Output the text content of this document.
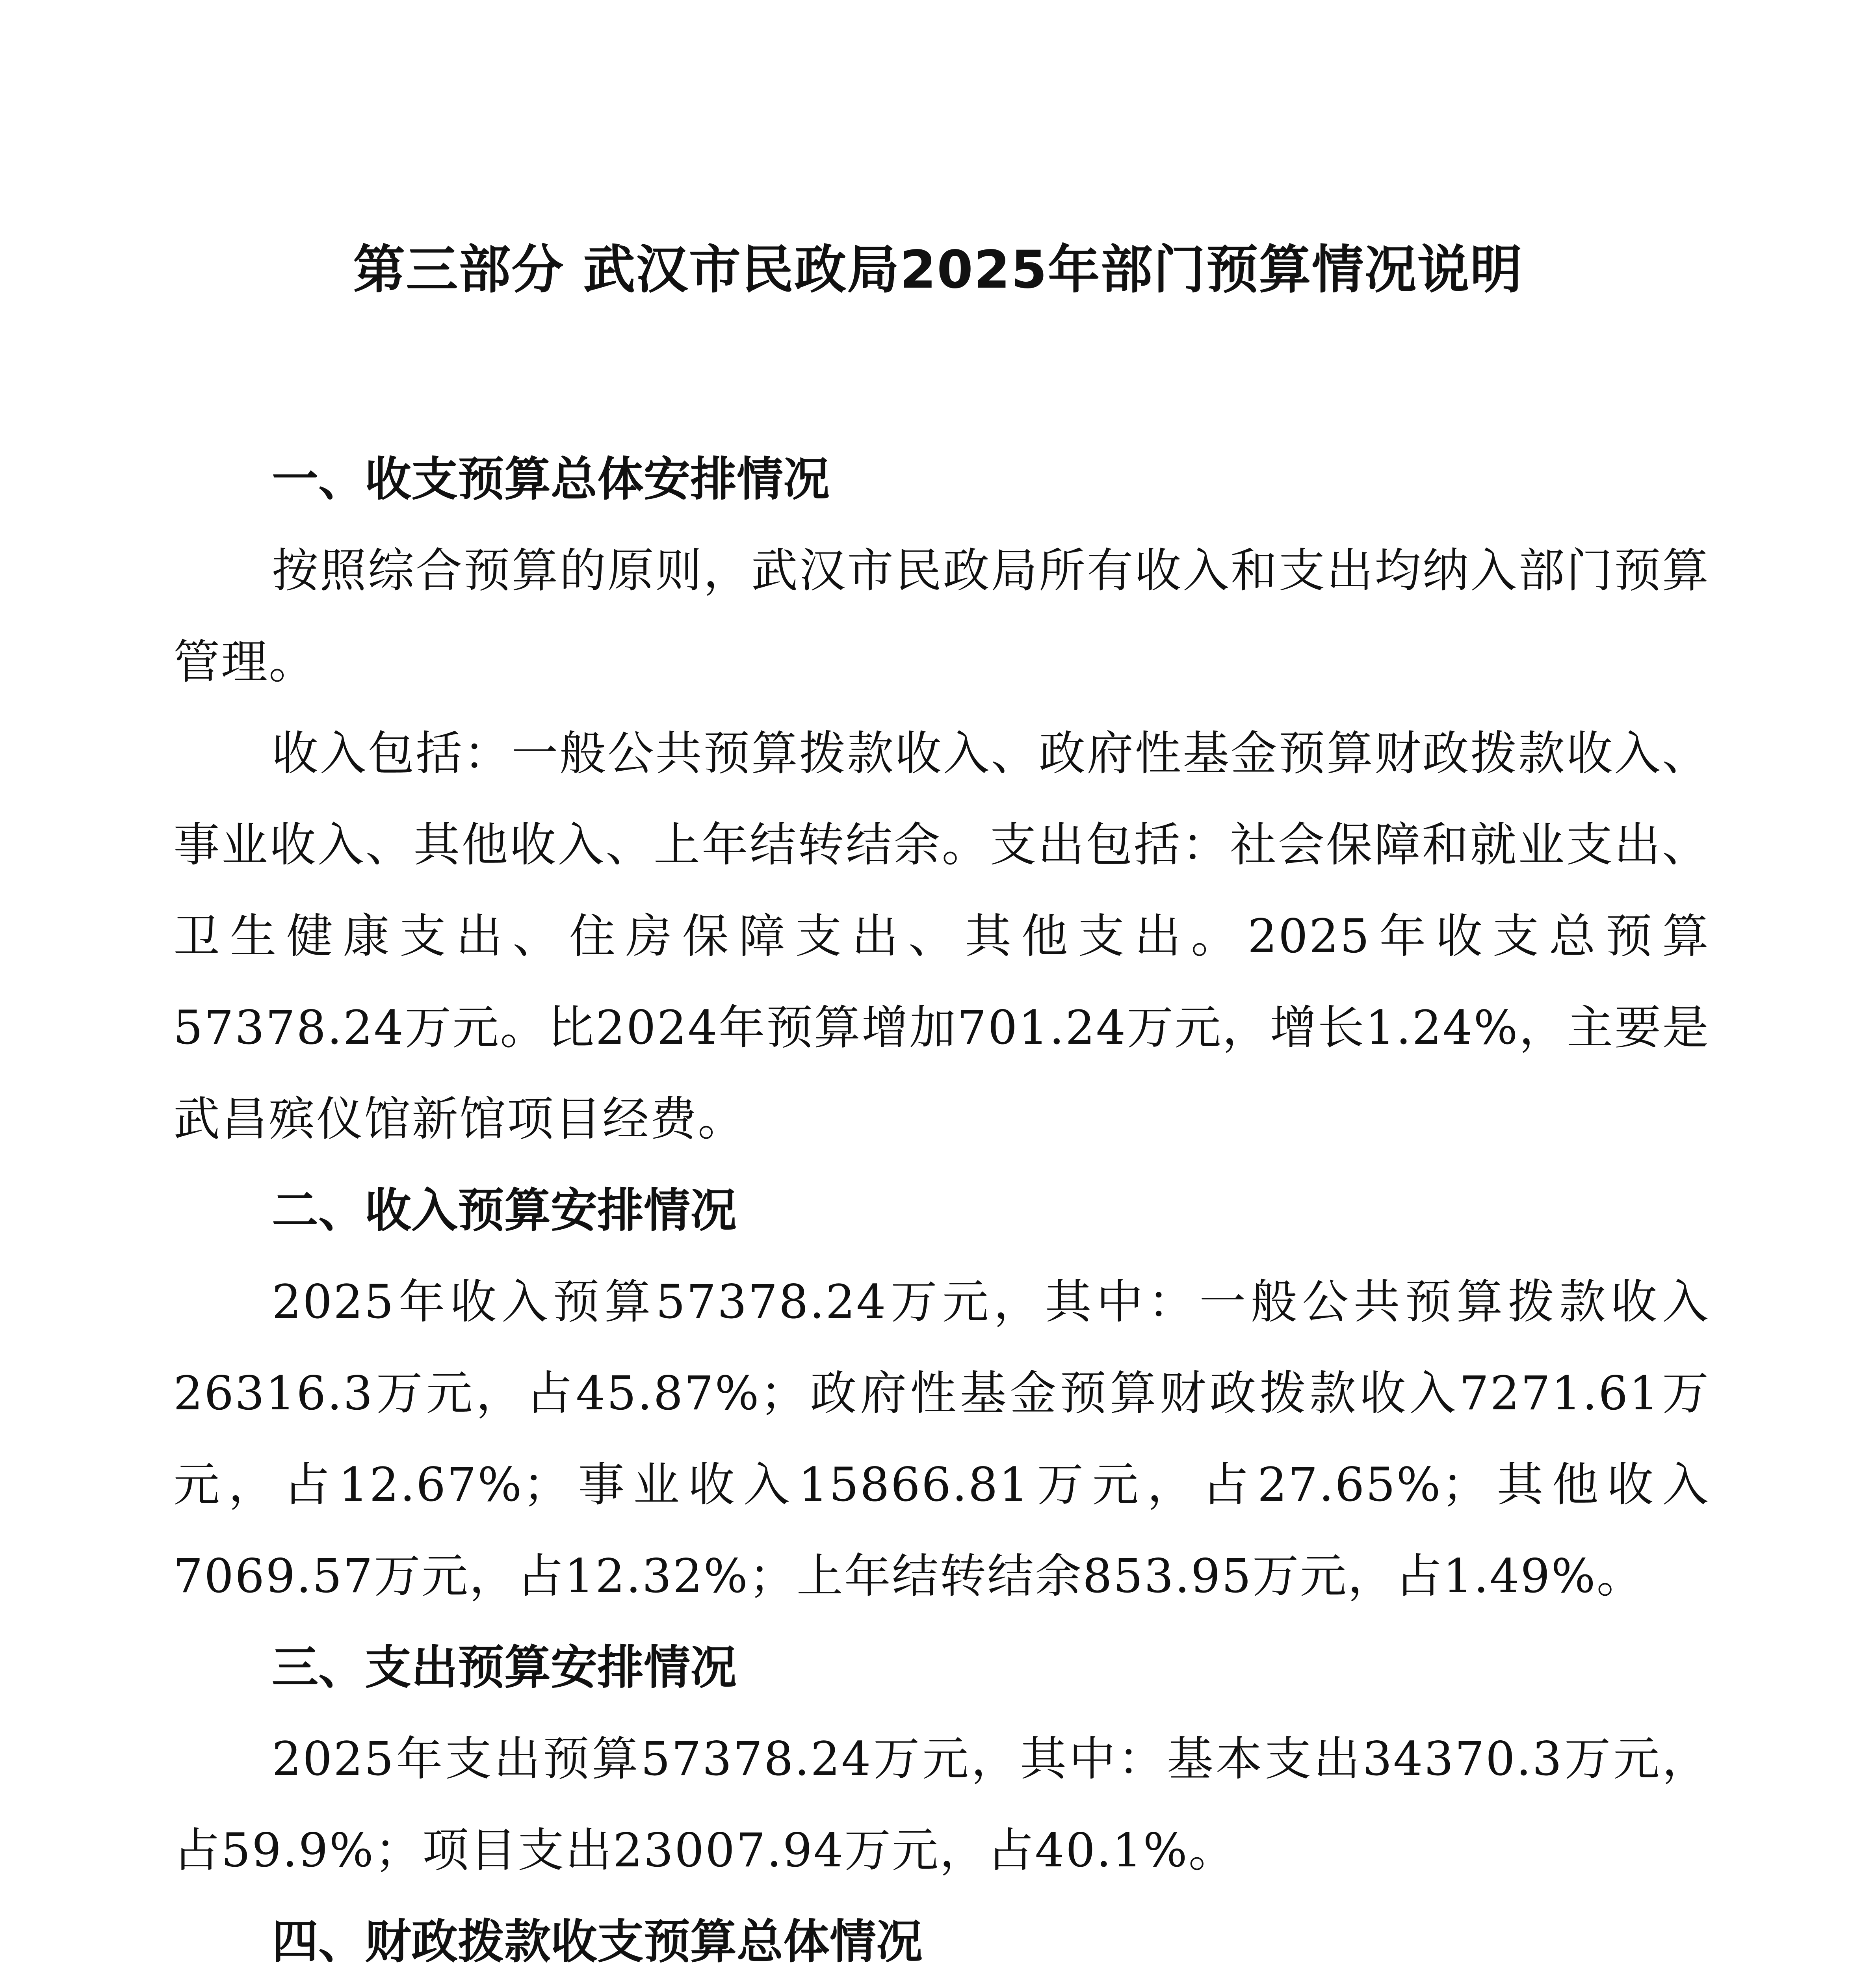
第三部分 武汉市民政局2025年部门预算情况说明
一、收支预算总体安排情况

按照综合预算的原则，武汉市民政局所有收入和支出均纳入部门预算管理。

收入包括：一般公共预算拨款收入、政府性基金预算财政拨款收入、事业收入、其他收入、上年结转结余。支出包括：社会保障和就业支出、卫生健康支出、住房保障支出、其他支出。2025年收支总预算57378.24万元。比2024年预算增加701.24万元，增长1.24%，主要是武昌殡仪馆新馆项目经费。

二、收入预算安排情况

2025年收入预算57378.24万元，其中：一般公共预算拨款收入26316.3万元，占45.87%；政府性基金预算财政拨款收入7271.61万元，占12.67%；事业收入15866.81万元，占27.65%；其他收入7069.57万元，占12.32%；上年结转结余853.95万元，占1.49%。

三、支出预算安排情况

2025年支出预算57378.24万元，其中：基本支出34370.3万元，占59.9%；项目支出23007.94万元，占40.1%。

四、财政拨款收支预算总体情况
